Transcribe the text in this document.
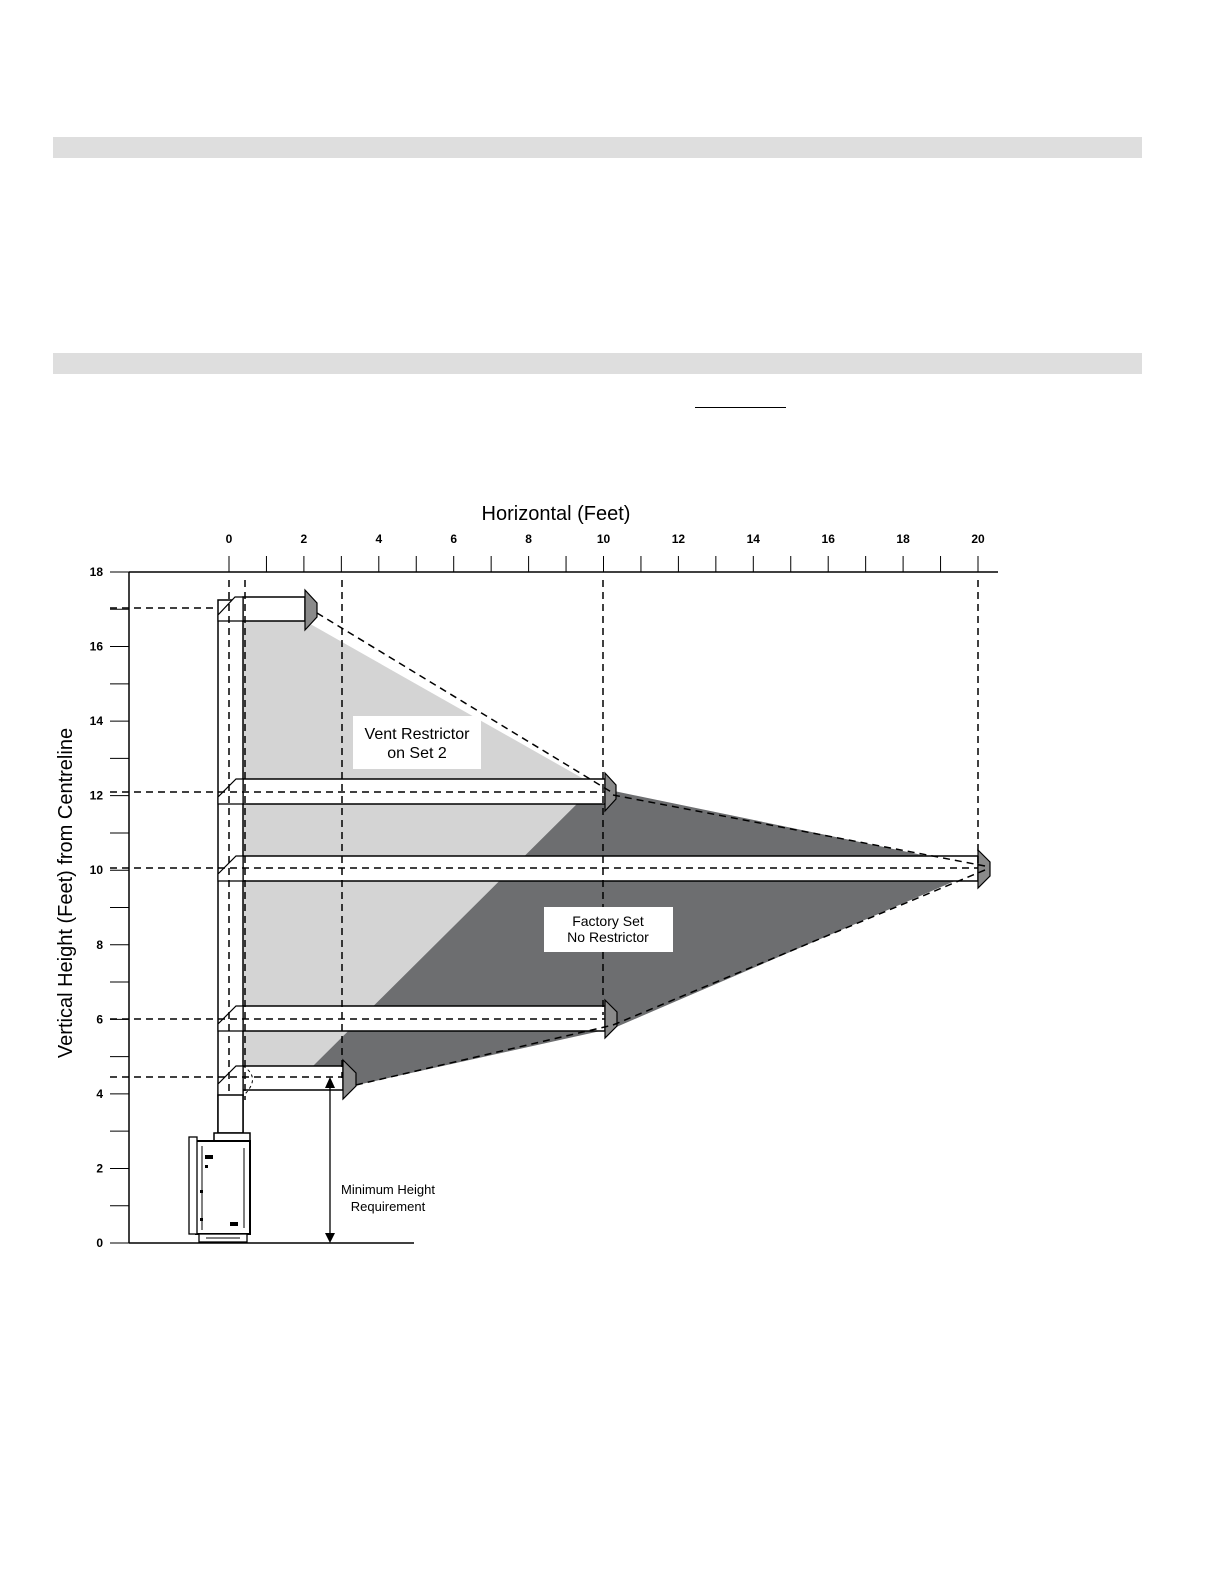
0	2	4	6	8	10	12	14	16	18	20
0
2
4
6
8
10
12
14
16
18
Horizontal (Feet)
Vertical Height (Feet) from Centreline	Vent Restrictor
on Set 2
Factory Set
No Restrictor
Minimum Height
Requirement
